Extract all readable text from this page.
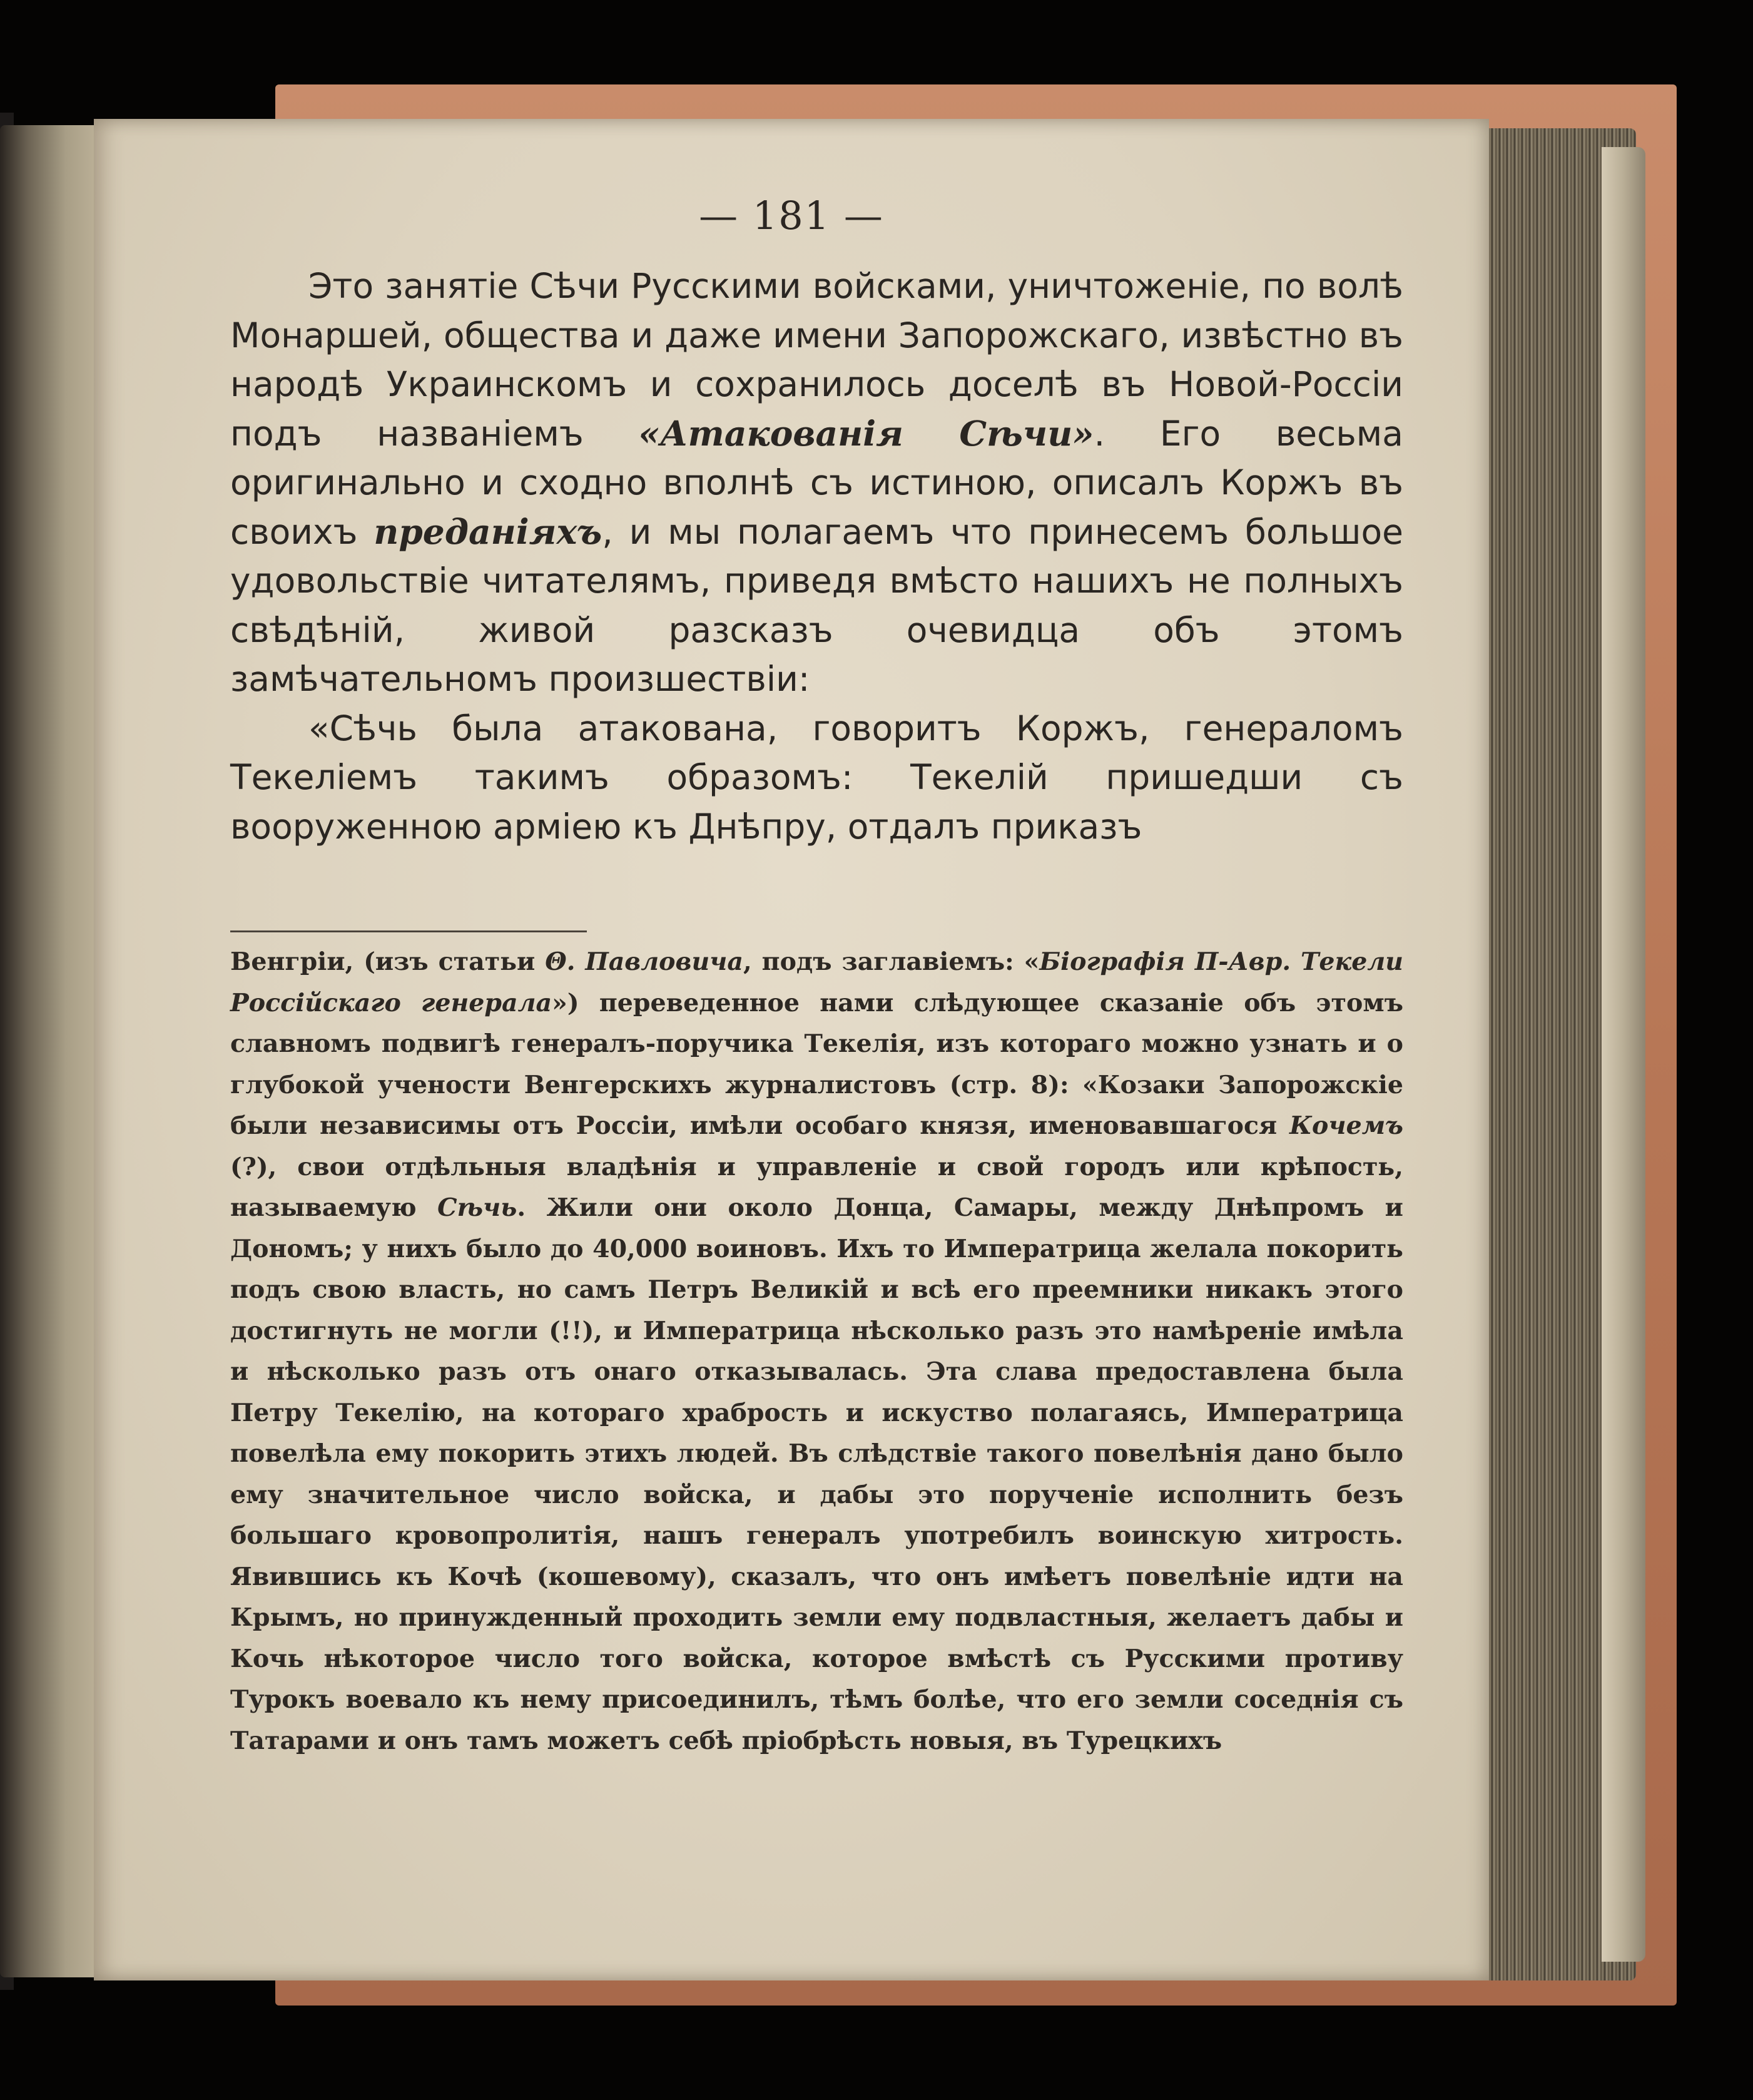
— 181 —

Это занятіе Сѣчи Русскими войсками, уничтоженіе, по волѣ Монаршей, общества и даже имени Запорожскаго, извѣстно въ народѣ Украинскомъ и сохранилось доселѣ въ Новой-Россіи подъ названіемъ «Атакованія Сѣчи». Его весьма оригинально и сходно вполнѣ съ истиною, описалъ Коржъ въ своихъ преданіяхъ, и мы полагаемъ что принесемъ большое удовольствіе читателямъ, приведя вмѣсто нашихъ не полныхъ свѣдѣній, живой разсказъ очевидца объ этомъ замѣчательномъ произшествіи:

«Сѣчь была атакована, говоритъ Коржъ, генераломъ Текеліемъ такимъ образомъ: Текелій пришедши съ вооруженною арміею къ Днѣпру, отдалъ приказъ

Венгріи, (изъ статьи Θ. Павловича, подъ заглавіемъ: «Біографія П-Авр. Текели Россійскаго генерала») переведенное нами слѣдующее сказаніе объ этомъ славномъ подвигѣ генералъ-поручика Текелія, изъ котораго можно узнать и о глубокой учености Венгерскихъ журналистовъ (стр. 8): «Козаки Запорожскіе были независимы отъ Россіи, имѣли особаго князя, именовавшагося Кочемъ (?), свои отдѣльныя владѣнія и управленіе и свой городъ или крѣпость, называемую Сѣчь. Жили они около Донца, Самары, между Днѣпромъ и Дономъ; у нихъ было до 40,000 воиновъ. Ихъ то Императрица желала покорить подъ свою власть, но самъ Петръ Великій и всѣ его преемники никакъ этого достигнуть не могли (!!), и Императрица нѣсколько разъ это намѣреніе имѣла и нѣсколько разъ отъ онаго отказывалась. Эта слава предоставлена была Петру Текелію, на котораго храбрость и искуство полагаясь, Императрица повелѣла ему покорить этихъ людей. Въ слѣдствіе такого повелѣнія дано было ему значительное число войска, и дабы это порученіе исполнить безъ большаго кровопролитія, нашъ генералъ употребилъ воинскую хитрость. Явившись къ Кочѣ (кошевому), сказалъ, что онъ имѣетъ повелѣніе идти на Крымъ, но принужденный проходить земли ему подвластныя, желаетъ дабы и Кочь нѣкоторое число того войска, которое вмѣстѣ съ Русскими противу Турокъ воевало къ нему присоединилъ, тѣмъ болѣе, что его земли соседнія съ Татарами и онъ тамъ можетъ себѣ пріобрѣсть новыя, въ Турецкихъ
